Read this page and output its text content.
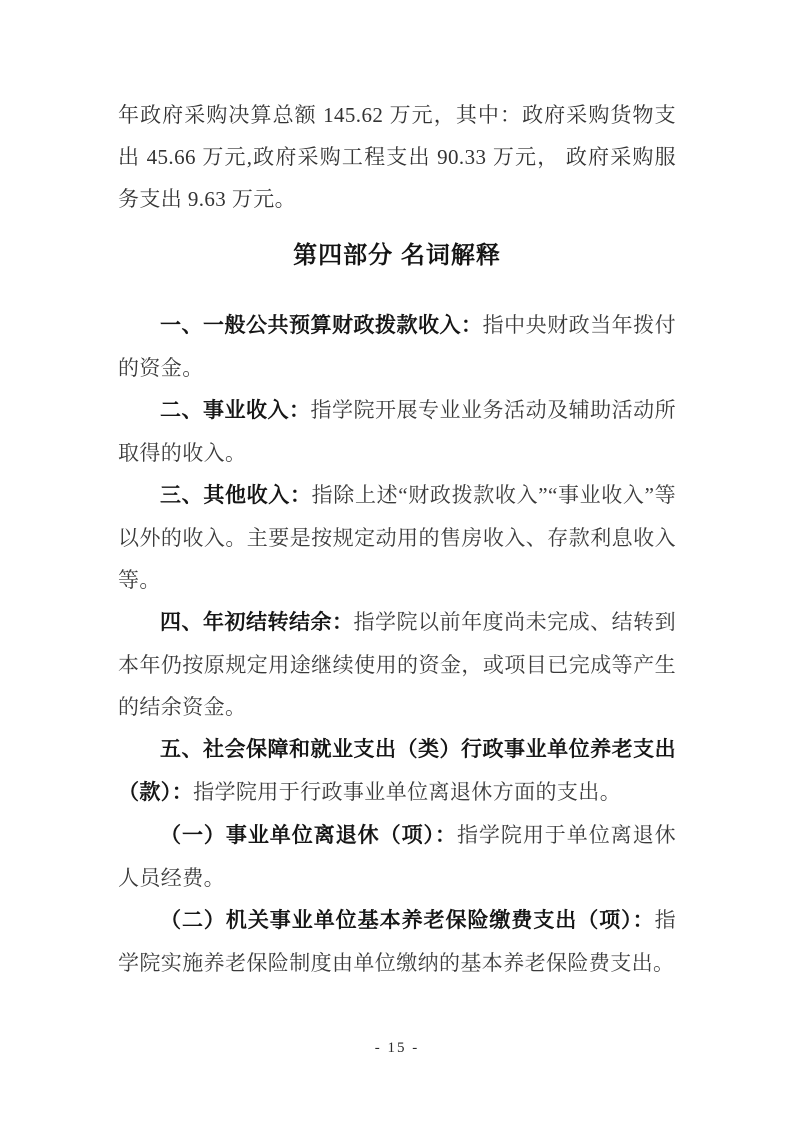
年政府采购决算总额 145.62 万元，其中：政府采购货物支出 45.66 万元,政府采购工程支出 90.33 万元， 政府采购服务支出 9.63 万元。

第四部分 名词解释

一、一般公共预算财政拨款收入：指中央财政当年拨付的资金。

二、事业收入：指学院开展专业业务活动及辅助活动所取得的收入。

三、其他收入：指除上述“财政拨款收入”“事业收入”等以外的收入。主要是按规定动用的售房收入、存款利息收入等。

四、年初结转结余：指学院以前年度尚未完成、结转到本年仍按原规定用途继续使用的资金，或项目已完成等产生的结余资金。

五、社会保障和就业支出（类）行政事业单位养老支出（款）：指学院用于行政事业单位离退休方面的支出。

（一）事业单位离退休（项）：指学院用于单位离退休人员经费。

（二）机关事业单位基本养老保险缴费支出（项）：指学院实施养老保险制度由单位缴纳的基本养老保险费支出。

- 15 -
